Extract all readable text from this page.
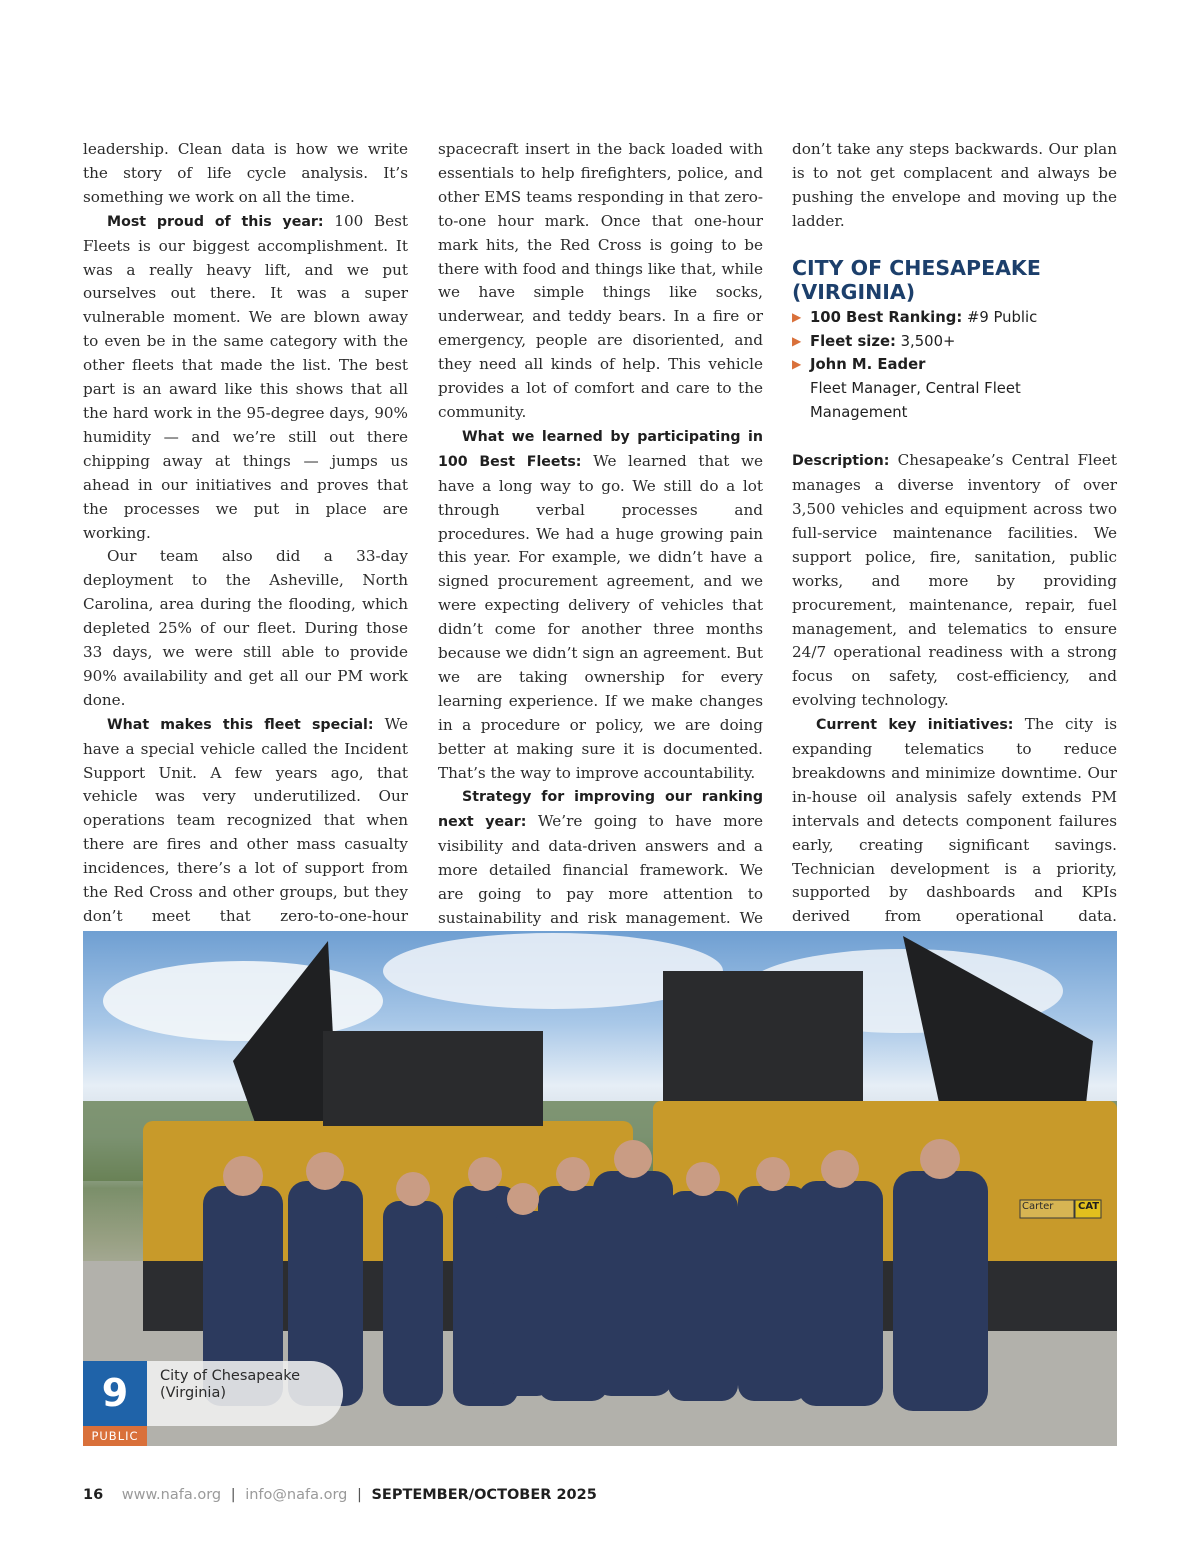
leadership. Clean data is how we write the story of life cycle analysis. It’s something we work on all the time.

Most proud of this year: 100 Best Fleets is our biggest accomplishment. It was a really heavy lift, and we put ourselves out there. It was a super vulnerable moment. We are blown away to even be in the same category with the other fleets that made the list. The best part is an award like this shows that all the hard work in the 95-degree days, 90% humidity — and we’re still out there chipping away at things — jumps us ahead in our initiatives and proves that the processes we put in place are working.

Our team also did a 33-day deployment to the Asheville, North Carolina, area during the flooding, which depleted 25% of our fleet. During those 33 days, we were still able to provide 90% availability and get all our PM work done.

What makes this fleet special: We have a special vehicle called the Incident Support Unit. A few years ago, that vehicle was very underutilized. Our operations team recognized that when there are fires and other mass casualty incidences, there’s a lot of support from the Red Cross and other groups, but they don’t meet that zero-to-one-hour

spacecraft insert in the back loaded with essentials to help firefighters, police, and other EMS teams responding in that zero-to-one hour mark. Once that one-hour mark hits, the Red Cross is going to be there with food and things like that, while we have simple things like socks, underwear, and teddy bears. In a fire or emergency, people are disoriented, and they need all kinds of help. This vehicle provides a lot of comfort and care to the community.

What we learned by participating in 100 Best Fleets: We learned that we have a long way to go. We still do a lot through verbal processes and procedures. We had a huge growing pain this year. For example, we didn’t have a signed procurement agreement, and we were expecting delivery of vehicles that didn’t come for another three months because we didn’t sign an agreement. But we are taking ownership for every learning experience. If we make changes in a procedure or policy, we are doing better at making sure it is documented. That’s the way to improve accountability.

Strategy for improving our ranking next year: We’re going to have more visibility and data-driven answers and a more detailed financial framework. We are going to pay more attention to sustainability and risk management. We

don’t take any steps backwards. Our plan is to not get complacent and always be pushing the envelope and moving up the ladder.

CITY OF CHESAPEAKE (VIRGINIA)
▶ 100 Best Ranking: #9 Public
▶ Fleet size: 3,500+
▶ John M. Eader
Fleet Manager, Central Fleet Management

Description: Chesapeake’s Central Fleet manages a diverse inventory of over 3,500 vehicles and equipment across two full-service maintenance facilities. We support police, fire, sanitation, public works, and more by providing procurement, maintenance, repair, fuel management, and telematics to ensure 24/7 operational readiness with a strong focus on safety, cost-efficiency, and evolving technology.

Current key initiatives: The city is expanding telematics to reduce breakdowns and minimize downtime. Our in-house oil analysis safely extends PM intervals and detects component failures early, creating significant savings. Technician development is a priority, supported by dashboards and KPIs derived from operational data.

Carter CAT
9	City of Chesapeake (Virginia)
PUBLIC
16 www.nafa.org | info@nafa.org | SEPTEMBER/OCTOBER 2025
